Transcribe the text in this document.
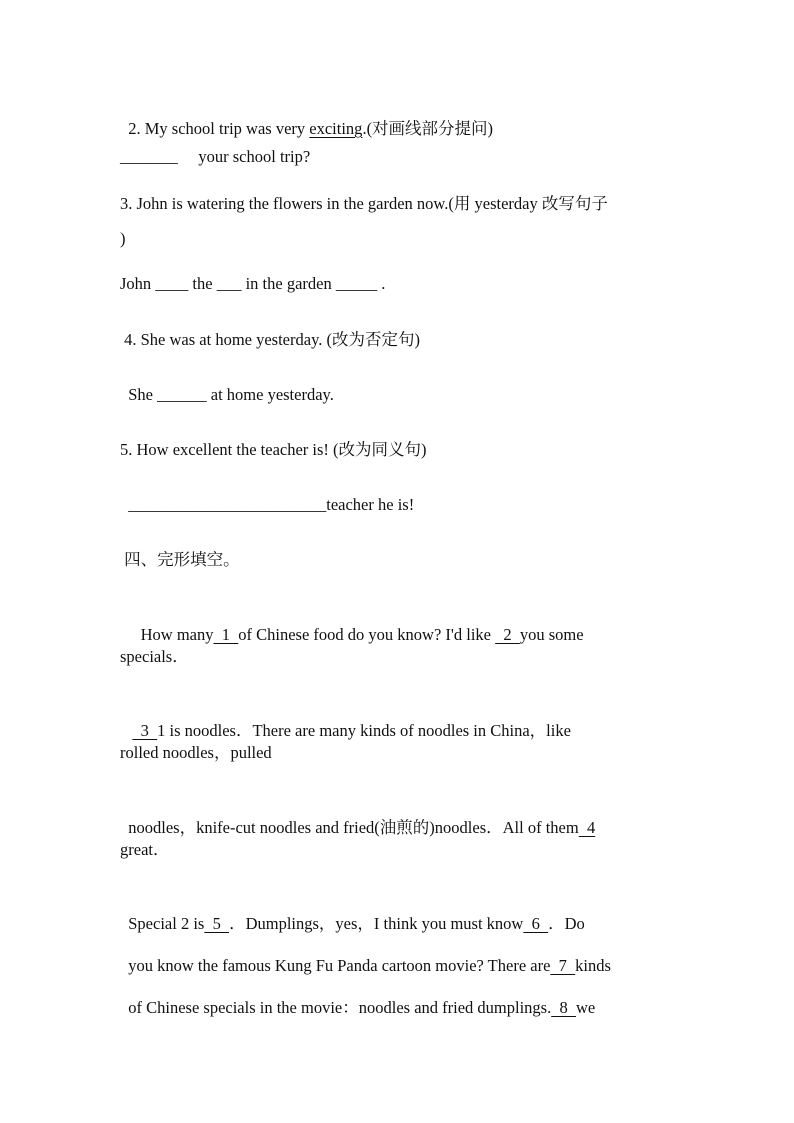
2. My school trip was very exciting.(对画线部分提问)

_______     your school trip?
3. John is watering the flowers in the garden now.(用 yesterday 改写句子
)
John ____ the ___ in the garden _____ .
4. She was at home yesterday. (改为否定句)
She ______ at home yesterday.
5. How excellent the teacher is! (改为同义句)
________________________teacher he is!
四、完形填空。

How many  1  of Chinese food do you know? I'd like   2  you some

specials．

3  1 is noodles．There are many kinds of noodles in China，like

rolled noodles，pulled

noodles，knife-cut noodles and fried(油煎的)noodles．All of them  4

great．

Special 2 is  5  ．Dumplings，yes，I think you must know  6  ．Do

you know the famous Kung Fu Panda cartoon movie? There are  7  kinds

of Chinese specials in the movie：noodles and fried dumplings.  8  we
